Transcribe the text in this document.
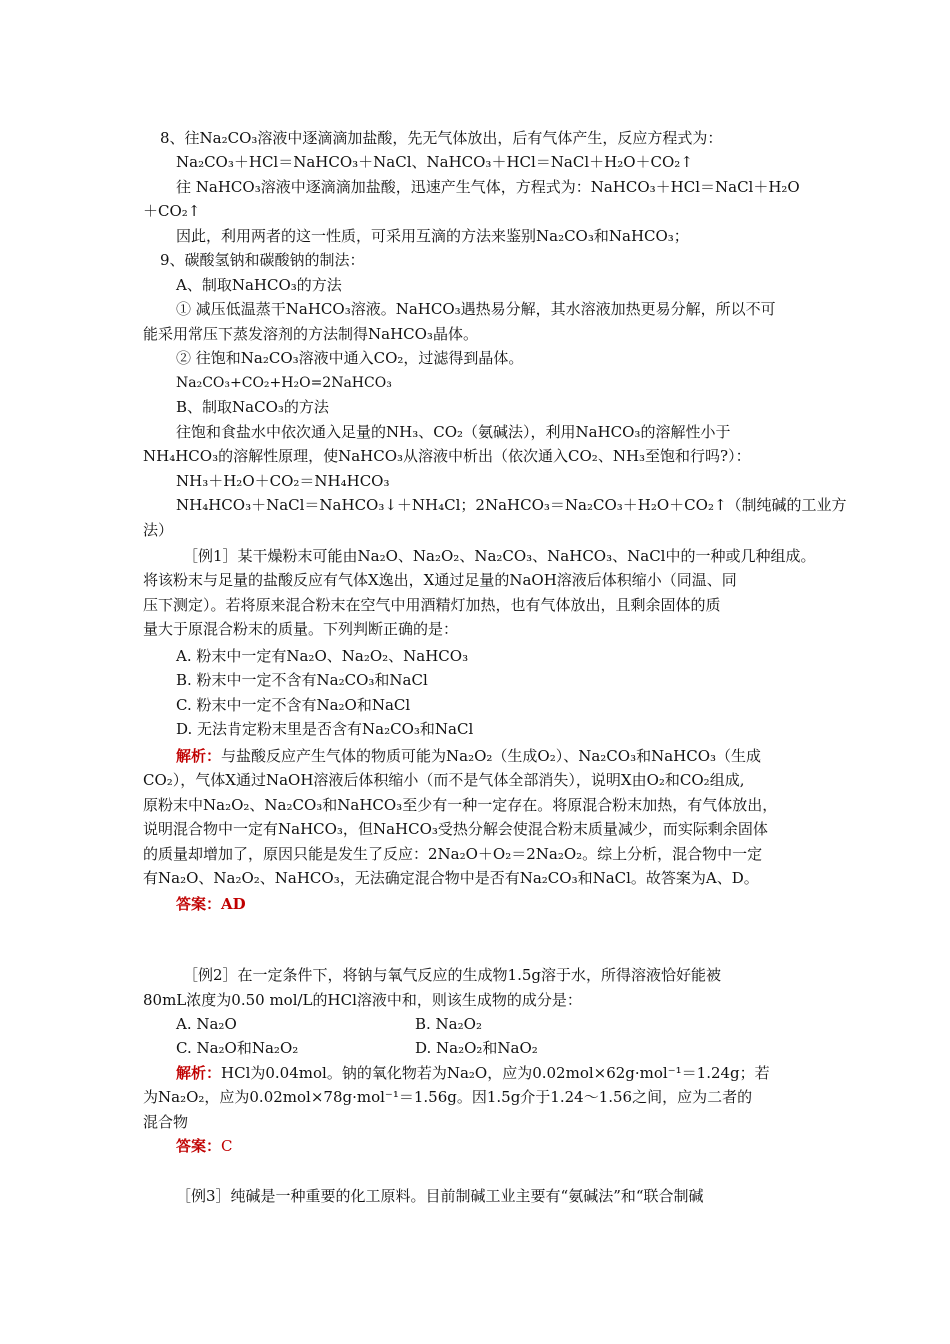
8、往Na₂CO₃溶液中逐滴滴加盐酸，先无气体放出，后有气体产生，反应方程式为：
Na₂CO₃＋HCl＝NaHCO₃＋NaCl、NaHCO₃＋HCl＝NaCl＋H₂O＋CO₂↑
往 NaHCO₃溶液中逐滴滴加盐酸，迅速产生气体，方程式为：NaHCO₃＋HCl＝NaCl＋H₂O
＋CO₂↑
因此，利用两者的这一性质，可采用互滴的方法来鉴别Na₂CO₃和NaHCO₃；
9、碳酸氢钠和碳酸钠的制法：
A、制取NaHCO₃的方法
① 减压低温蒸干NaHCO₃溶液。NaHCO₃遇热易分解，其水溶液加热更易分解，所以不可
能采用常压下蒸发溶剂的方法制得NaHCO₃晶体。
② 往饱和Na₂CO₃溶液中通入CO₂，过滤得到晶体。
Na₂CO₃+CO₂+H₂O=2NaHCO₃
B、制取NaCO₃的方法
往饱和食盐水中依次通入足量的NH₃、CO₂（氨碱法），利用NaHCO₃的溶解性小于
NH₄HCO₃的溶解性原理，使NaHCO₃从溶液中析出（依次通入CO₂、NH₃至饱和行吗?）：
NH₃＋H₂O＋CO₂＝NH₄HCO₃
NH₄HCO₃＋NaCl＝NaHCO₃↓＋NH₄Cl；2NaHCO₃＝Na₂CO₃＋H₂O＋CO₂↑（制纯碱的工业方
法）
［例1］某干燥粉末可能由Na₂O、Na₂O₂、Na₂CO₃、NaHCO₃、NaCl中的一种或几种组成。
将该粉末与足量的盐酸反应有气体X逸出，X通过足量的NaOH溶液后体积缩小（同温、同
压下测定）。若将原来混合粉末在空气中用酒精灯加热，也有气体放出，且剩余固体的质
量大于原混合粉末的质量。下列判断正确的是：
A. 粉末中一定有Na₂O、Na₂O₂、NaHCO₃
B. 粉末中一定不含有Na₂CO₃和NaCl
C. 粉末中一定不含有Na₂O和NaCl
D. 无法肯定粉末里是否含有Na₂CO₃和NaCl
解析：与盐酸反应产生气体的物质可能为Na₂O₂（生成O₂）、Na₂CO₃和NaHCO₃（生成
CO₂），气体X通过NaOH溶液后体积缩小（而不是气体全部消失），说明X由O₂和CO₂组成,
原粉末中Na₂O₂、Na₂CO₃和NaHCO₃至少有一种一定存在。将原混合粉末加热，有气体放出，
说明混合物中一定有NaHCO₃，但NaHCO₃受热分解会使混合粉末质量减少，而实际剩余固体
的质量却增加了，原因只能是发生了反应：2Na₂O＋O₂＝2Na₂O₂。综上分析，混合物中一定
有Na₂O、Na₂O₂、NaHCO₃，无法确定混合物中是否有Na₂CO₃和NaCl。故答案为A、D。
答案：AD
［例2］在一定条件下，将钠与氧气反应的生成物1.5g溶于水，所得溶液恰好能被
80mL浓度为0.50 mol/L的HCl溶液中和，则该生成物的成分是：
A. Na₂O	B. Na₂O₂
C. Na₂O和Na₂O₂	D. Na₂O₂和NaO₂
解析：HCl为0.04mol。钠的氧化物若为Na₂O，应为0.02mol×62g·mol⁻¹＝1.24g；若
为Na₂O₂，应为0.02mol×78g·mol⁻¹＝1.56g。因1.5g介于1.24～1.56之间，应为二者的
混合物
答案：C
［例3］纯碱是一种重要的化工原料。目前制碱工业主要有“氨碱法”和“联合制碱
